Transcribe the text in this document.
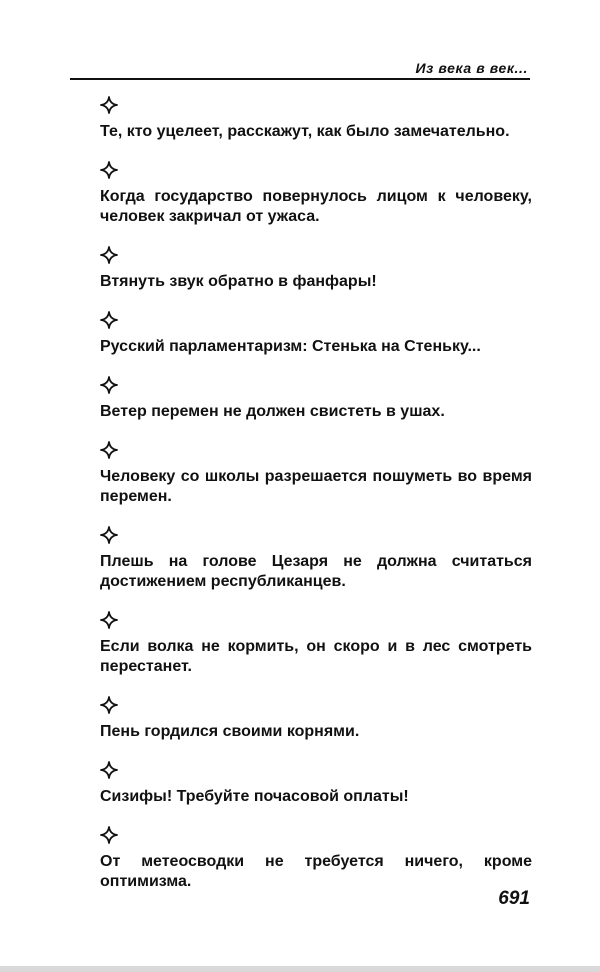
Из века в век...
Те, кто уцелеет, расскажут, как было замечательно.
Когда государство повернулось лицом к человеку, человек закричал от ужаса.
Втянуть звук обратно в фанфары!
Русский парламентаризм: Стенька на Стеньку...
Ветер перемен не должен свистеть в ушах.
Человеку со школы разрешается пошуметь во время перемен.
Плешь на голове Цезаря не должна считаться достижением республиканцев.
Если волка не кормить, он скоро и в лес смотреть перестанет.
Пень гордился своими корнями.
Сизифы! Требуйте почасовой оплаты!
От метеосводки не требуется ничего, кроме оптимизма.
691
